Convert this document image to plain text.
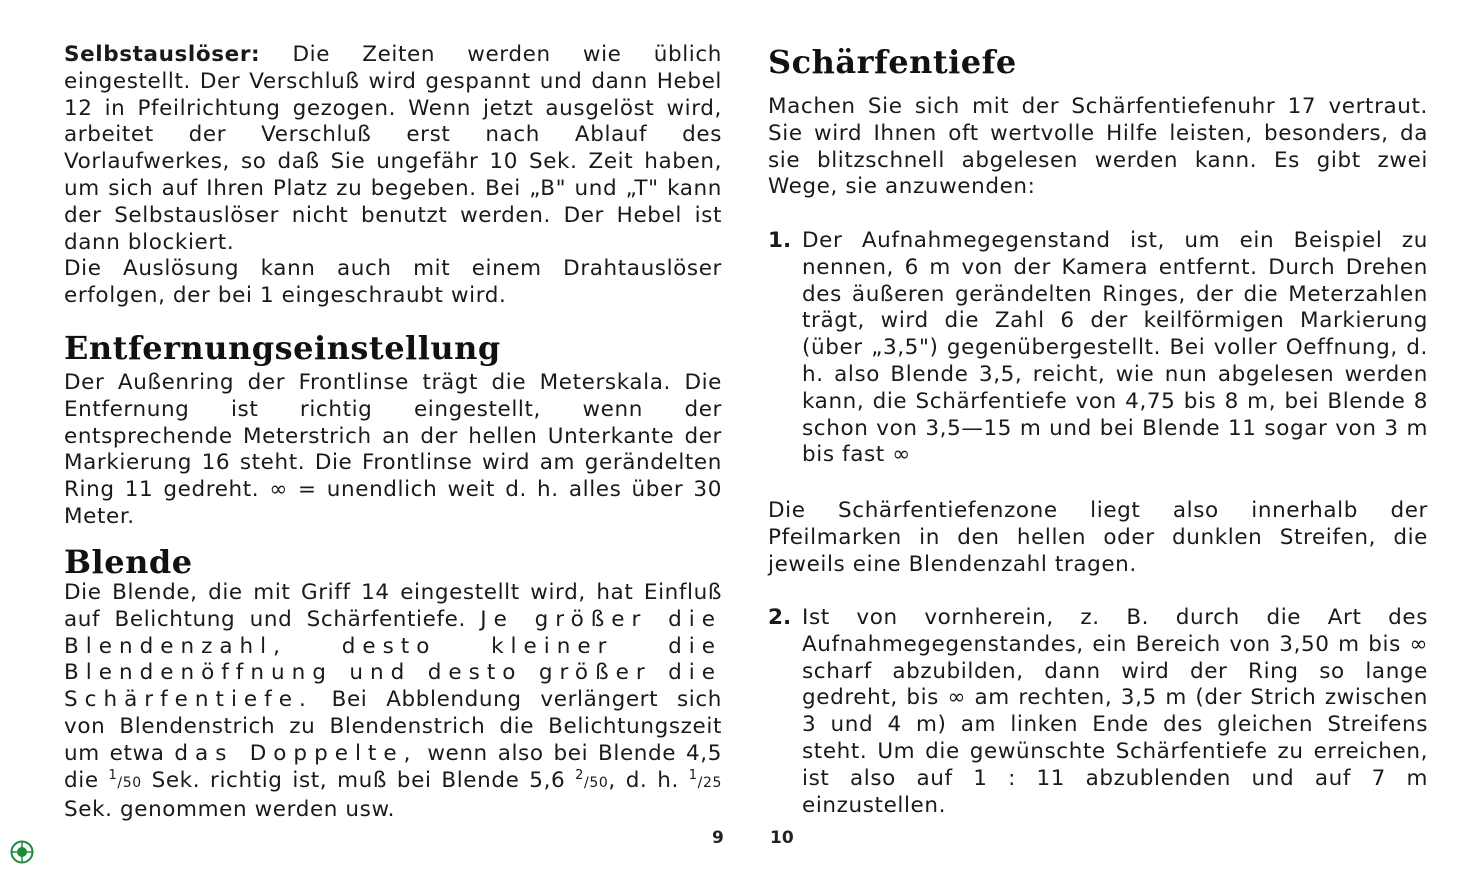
Selbstauslöser: Die Zeiten werden wie üblich eingestellt. Der Verschluß wird gespannt und dann Hebel 12 in Pfeilrichtung gezogen. Wenn jetzt ausgelöst wird, arbeitet der Verschluß erst nach Ablauf des Vorlaufwerkes, so daß Sie ungefähr 10 Sek. Zeit haben, um sich auf Ihren Platz zu begeben. Bei „B" und „T" kann der Selbstauslöser nicht benutzt werden. Der Hebel ist dann blockiert.

Die Auslösung kann auch mit einem Drahtauslöser erfolgen, der bei 1 eingeschraubt wird.

Entfernungseinstellung

Der Außenring der Frontlinse trägt die Meterskala. Die Entfernung ist richtig eingestellt, wenn der entsprechende Meterstrich an der hellen Unterkante der Markierung 16 steht. Die Frontlinse wird am gerändelten Ring 11 gedreht. ∞ = unendlich weit d. h. alles über 30 Meter.

Blende

Die Blende, die mit Griff 14 eingestellt wird, hat Einfluß auf Belichtung und Schärfentiefe. Je größer die Blendenzahl, desto kleiner die Blendenöffnung und desto größer die Schärfentiefe. Bei Abblendung verlängert sich von Blendenstrich zu Blendenstrich die Belichtungszeit um etwa das Doppelte, wenn also bei Blende 4,5 die $^1$/50 Sek. richtig ist, muß bei Blende 5,6 $^2$/50, d. h. $^1$/25 Sek. genommen werden usw.

9
Schärfentiefe

Machen Sie sich mit der Schärfentiefenuhr 17 vertraut. Sie wird Ihnen oft wertvolle Hilfe leisten, besonders, da sie blitzschnell abgelesen werden kann. Es gibt zwei Wege, sie anzuwenden:

1. Der Aufnahmegegenstand ist, um ein Beispiel zu nennen, 6 m von der Kamera entfernt. Durch Drehen des äußeren gerändelten Ringes, der die Meterzahlen trägt, wird die Zahl 6 der keilförmigen Markierung (über „3,5") gegenübergestellt. Bei voller Oeffnung, d. h. also Blende 3,5, reicht, wie nun abgelesen werden kann, die Schärfentiefe von 4,75 bis 8 m, bei Blende 8 schon von 3,5—15 m und bei Blende 11 sogar von 3 m bis fast ∞

Die Schärfentiefenzone liegt also innerhalb der Pfeilmarken in den hellen oder dunklen Streifen, die jeweils eine Blendenzahl tragen.

2. Ist von vornherein, z. B. durch die Art des Aufnahmegegenstandes, ein Bereich von 3,50 m bis ∞ scharf abzubilden, dann wird der Ring so lange gedreht, bis ∞ am rechten, 3,5 m (der Strich zwischen 3 und 4 m) am linken Ende des gleichen Streifens steht. Um die gewünschte Schärfentiefe zu erreichen, ist also auf 1 : 11 abzublenden und auf 7 m einzustellen.

10
